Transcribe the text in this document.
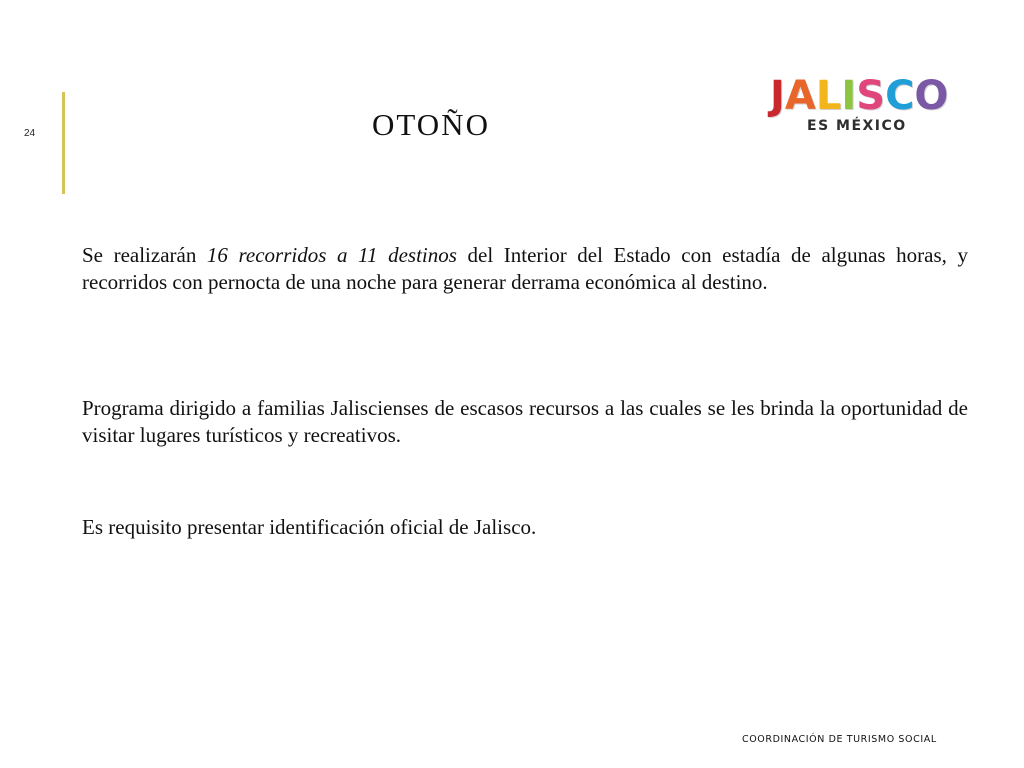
24	OTOÑO
J A L I S C O
ES MÉXICO

Se realizarán 16 recorridos a 11 destinos del Interior del Estado con estadía de algunas horas, y recorridos con pernocta de una noche para generar derrama económica al destino.

Programa dirigido a familias Jaliscienses de escasos recursos a las cuales se les brinda la oportunidad de visitar lugares turísticos y recreativos.

Es requisito presentar identificación oficial de Jalisco.

COORDINACIÓN DE TURISMO SOCIAL
